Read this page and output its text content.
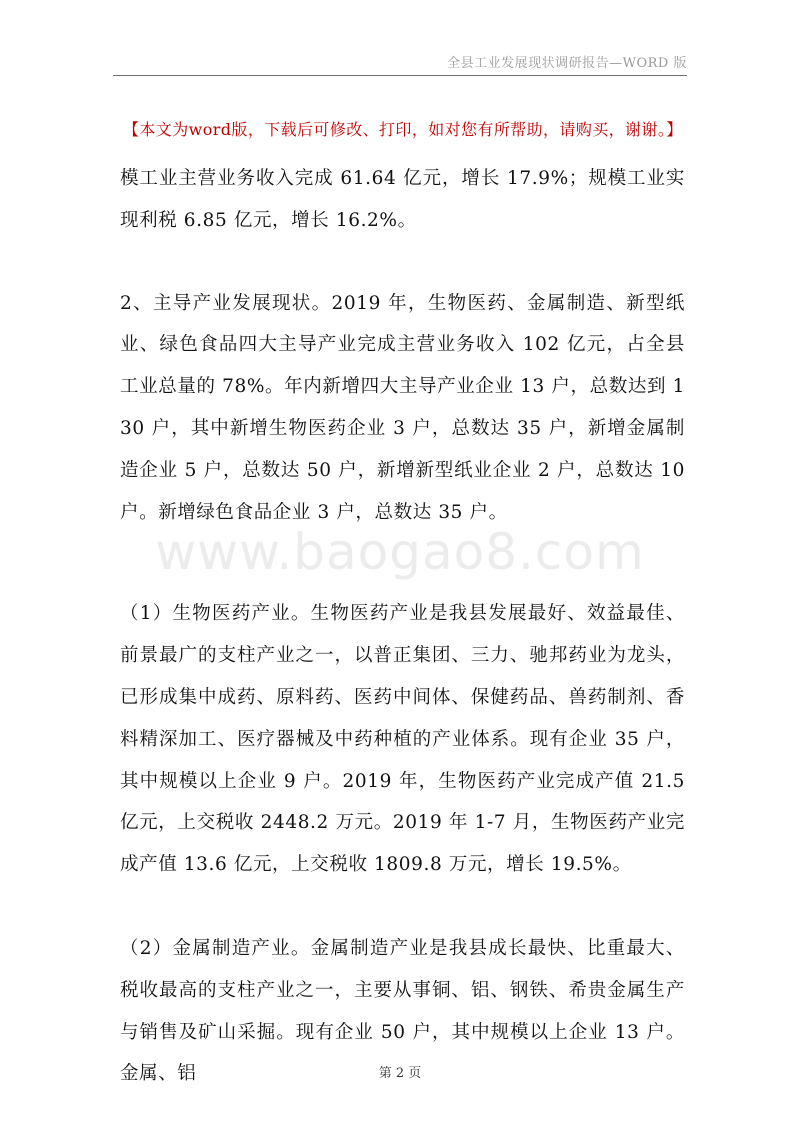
全县工业发展现状调研报告—WORD 版
【本文为word版，下载后可修改、打印，如对您有所帮助，请购买，谢谢。】
www.baogao8.com

模工业主营业务收入完成 61.64 亿元，增长 17.9%；规模工业实现利税 6.85 亿元，增长 16.2%。

2、主导产业发展现状。2019 年，生物医药、金属制造、新型纸业、绿色食品四大主导产业完成主营业务收入 102 亿元，占全县工业总量的 78%。年内新增四大主导产业企业 13 户，总数达到 130 户，其中新增生物医药企业 3 户，总数达 35 户，新增金属制造企业 5 户，总数达 50 户，新增新型纸业企业 2 户，总数达 10 户。新增绿色食品企业 3 户，总数达 35 户。

（1）生物医药产业。生物医药产业是我县发展最好、效益最佳、前景最广的支柱产业之一，以普正集团、三力、驰邦药业为龙头，已形成集中成药、原料药、医药中间体、保健药品、兽药制剂、香料精深加工、医疗器械及中药种植的产业体系。现有企业 35 户，其中规模以上企业 9 户。2019 年，生物医药产业完成产值 21.5 亿元，上交税收 2448.2 万元。2019 年 1-7 月，生物医药产业完成产值 13.6 亿元，上交税收 1809.8 万元，增长 19.5%。

（2）金属制造产业。金属制造产业是我县成长最快、比重最大、税收最高的支柱产业之一，主要从事铜、铝、钢铁、希贵金属生产与销售及矿山采掘。现有企业 50 户，其中规模以上企业 13 户。金属、铝	第 2 页
